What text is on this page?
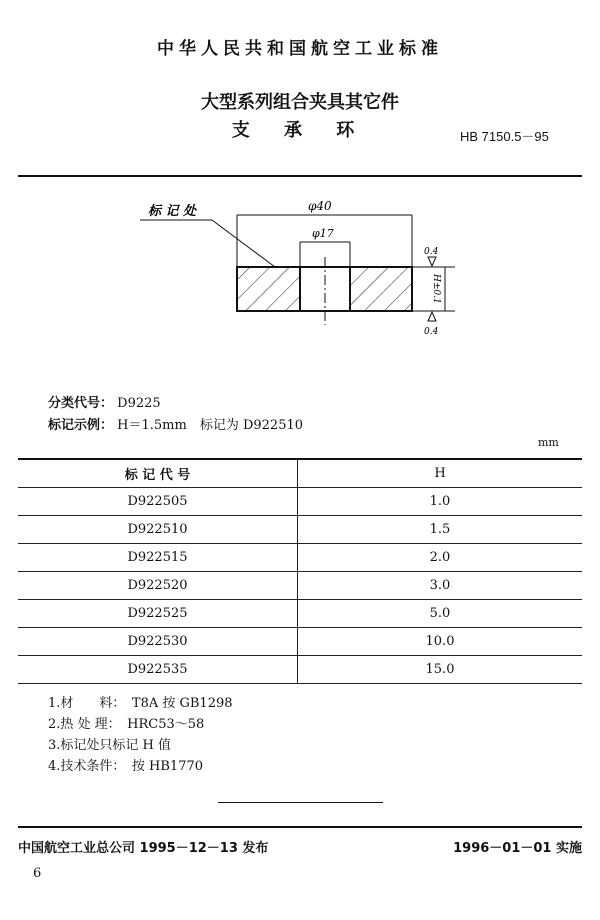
中华人民共和国航空工业标准
大型系列组合夹具其它件
支 承 环	HB 7150.5－95
标 记 处	φ40
φ17
0.4
0.4
H±0.1
分类代号： D9225
标记示例： H＝1.5mm　标记为 D922510
mm
标 记 代 号	H
D922505	1.0
D922510	1.5
D922515	2.0
D922520	3.0
D922525	5.0
D922530	10.0
D922535	15.0
1.材　　料：　T8A 按 GB1298
2.热 处 理：　HRC53～58
3.标记处只标记 H 值
4.技术条件：　按 HB1770
中国航空工业总公司 1995－12－13 发布	1996－01－01 实施
6
